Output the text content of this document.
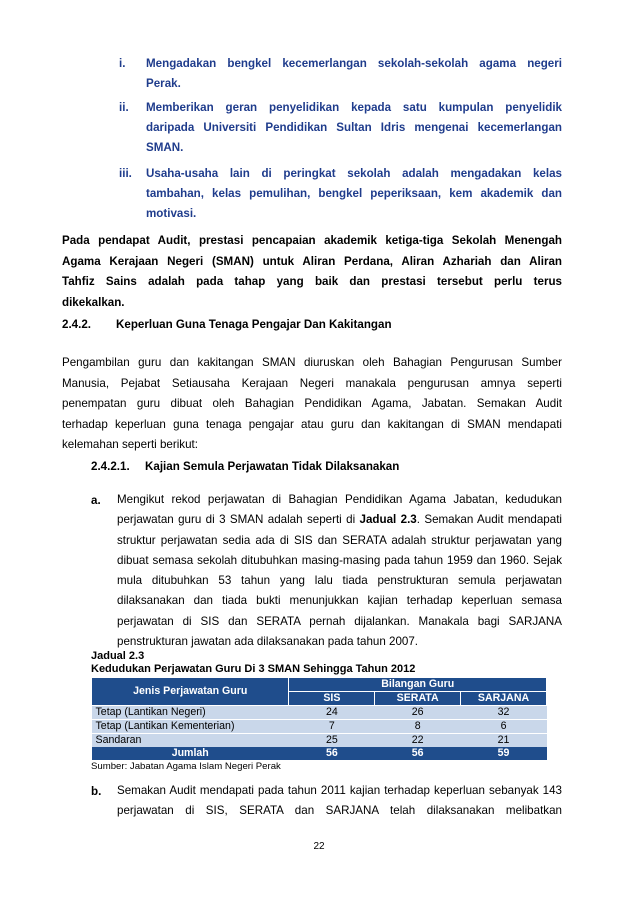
i. Mengadakan bengkel kecemerlangan sekolah-sekolah agama negeri
Perak.
ii. Memberikan geran penyelidikan kepada satu kumpulan penyelidik
daripada Universiti Pendidikan Sultan Idris mengenai kecemerlangan
SMAN.
iii. Usaha-usaha lain di peringkat sekolah adalah mengadakan kelas
tambahan, kelas pemulihan, bengkel peperiksaan, kem akademik dan
motivasi.
Pada pendapat Audit, prestasi pencapaian akademik ketiga-tiga Sekolah Menengah
Agama Kerajaan Negeri (SMAN) untuk Aliran Perdana, Aliran Azhariah dan Aliran
Tahfiz Sains adalah pada tahap yang baik dan prestasi tersebut perlu terus
dikekalkan.
2.4.2. Keperluan Guna Tenaga Pengajar Dan Kakitangan
Pengambilan guru dan kakitangan SMAN diuruskan oleh Bahagian Pengurusan Sumber
Manusia, Pejabat Setiausaha Kerajaan Negeri manakala pengurusan amnya seperti
penempatan guru dibuat oleh Bahagian Pendidikan Agama, Jabatan. Semakan Audit
terhadap keperluan guna tenaga pengajar atau guru dan kakitangan di SMAN mendapati
kelemahan seperti berikut:
2.4.2.1. Kajian Semula Perjawatan Tidak Dilaksanakan
a. Mengikut rekod perjawatan di Bahagian Pendidikan Agama Jabatan, kedudukan
perjawatan guru di 3 SMAN adalah seperti di Jadual 2.3. Semakan Audit mendapati
struktur perjawatan sedia ada di SIS dan SERATA adalah struktur perjawatan yang
dibuat semasa sekolah ditubuhkan masing-masing pada tahun 1959 dan 1960. Sejak
mula ditubuhkan 53 tahun yang lalu tiada penstrukturan semula perjawatan
dilaksanakan dan tiada bukti menunjukkan kajian terhadap keperluan semasa
perjawatan di SIS dan SERATA pernah dijalankan. Manakala bagi SARJANA
penstrukturan jawatan ada dilaksanakan pada tahun 2007.
Jadual 2.3
Kedudukan Perjawatan Guru Di 3 SMAN Sehingga Tahun 2012
Jenis Perjawatan Guru	Bilangan Guru		
	SIS	SERATA	SARJANA
Tetap (Lantikan Negeri)	24	26	32
Tetap (Lantikan Kementerian)	7	8	6
Sandaran	25	22	21
Jumlah	56	56	59
Sumber: Jabatan Agama Islam Negeri Perak
b. Semakan Audit mendapati pada tahun 2011 kajian terhadap keperluan sebanyak 143
perjawatan di SIS, SERATA dan SARJANA telah dilaksanakan melibatkan
22
